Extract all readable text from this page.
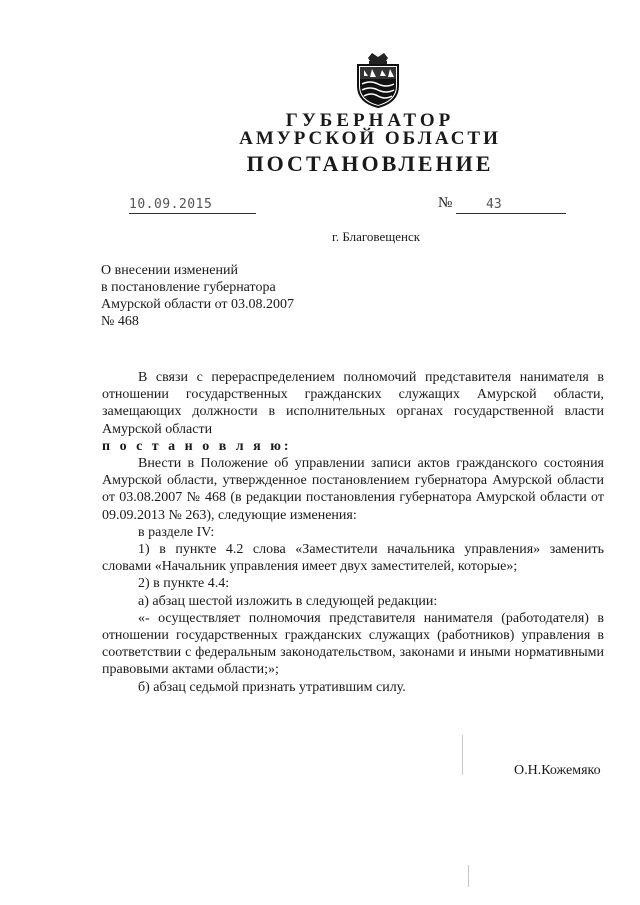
ГУБЕРНАТОР
АМУРСКОЙ ОБЛАСТИ
ПОСТАНОВЛЕНИЕ
10.09.2015	№	43
г. Благовещенск
О внесении изменений
в постановление губернатора
Амурской области от 03.08.2007
№ 468

В связи с перераспределением полномочий представителя нанимателя в отношении государственных гражданских служащих Амурской области, замещающих должности в исполнительных органах государственной власти Амурской области

п о с т а н о в л я ю:

Внести в Положение об управлении записи актов гражданского состояния Амурской области, утвержденное постановлением губернатора Амурской области от 03.08.2007 № 468 (в редакции постановления губернатора Амурской области от 09.09.2013 № 263), следующие изменения:

в разделе IV:

1) в пункте 4.2 слова «Заместители начальника управления» заменить словами «Начальник управления имеет двух заместителей, которые»;

2) в пункте 4.4:

а) абзац шестой изложить в следующей редакции:

«- осуществляет полномочия представителя нанимателя (работодателя) в отношении государственных гражданских служащих (работников) управления в соответствии с федеральным законодательством, законами и иными нормативными правовыми актами области;»;

б) абзац седьмой признать утратившим силу.

О.Н.Кожемяко
